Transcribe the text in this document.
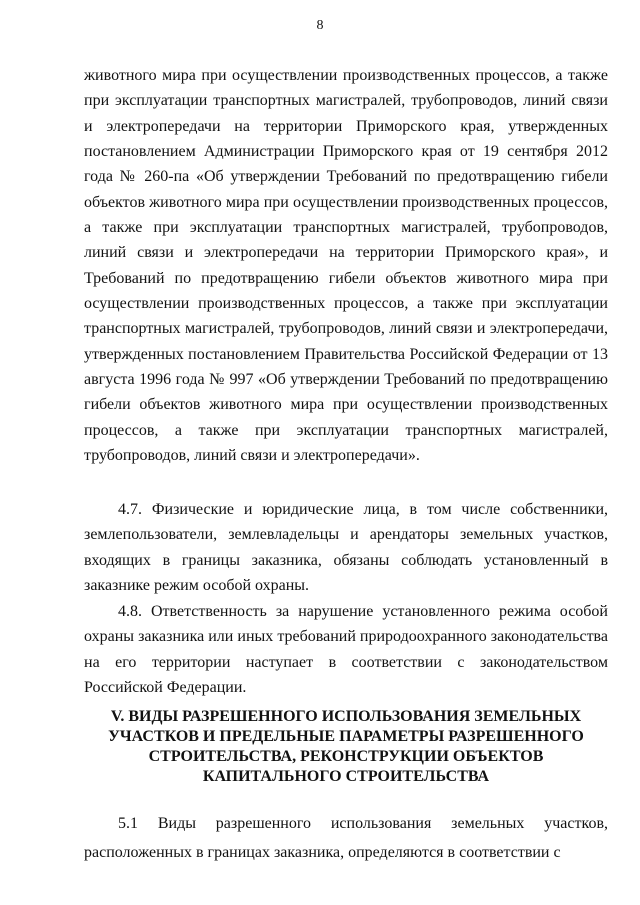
8

животного мира при осуществлении производственных процессов, а также при эксплуатации транспортных магистралей, трубопроводов, линий связи и электропередачи на территории Приморского края, утвержденных постановлением Администрации Приморского края от 19 сентября 2012 года № 260-па «Об утверждении Требований по предотвращению гибели объектов животного мира при осуществлении производственных процессов, а также при эксплуатации транспортных магистралей, трубопроводов, линий связи и электропередачи на территории Приморского края», и Требований по предотвращению гибели объектов животного мира при осуществлении производственных процессов, а также при эксплуатации транспортных магистралей, трубопроводов, линий связи и электропередачи, утвержденных постановлением Правительства Российской Федерации от 13 августа 1996 года № 997 «Об утверждении Требований по предотвращению гибели объектов животного мира при осуществлении производственных процессов, а также при эксплуатации транспортных магистралей, трубопроводов, линий связи и электропередачи».

4.7. Физические и юридические лица, в том числе собственники, землепользователи, землевладельцы и арендаторы земельных участков, входящих в границы заказника, обязаны соблюдать установленный в заказнике режим особой охраны.

4.8. Ответственность за нарушение установленного режима особой охраны заказника или иных требований природоохранного законодательства на его территории наступает в соответствии с законодательством Российской Федерации.

V. ВИДЫ РАЗРЕШЕННОГО ИСПОЛЬЗОВАНИЯ ЗЕМЕЛЬНЫХ УЧАСТКОВ И ПРЕДЕЛЬНЫЕ ПАРАМЕТРЫ РАЗРЕШЕННОГО СТРОИТЕЛЬСТВА, РЕКОНСТРУКЦИИ ОБЪЕКТОВ КАПИТАЛЬНОГО СТРОИТЕЛЬСТВА

5.1 Виды разрешенного использования земельных участков, расположенных в границах заказника, определяются в соответствии с
